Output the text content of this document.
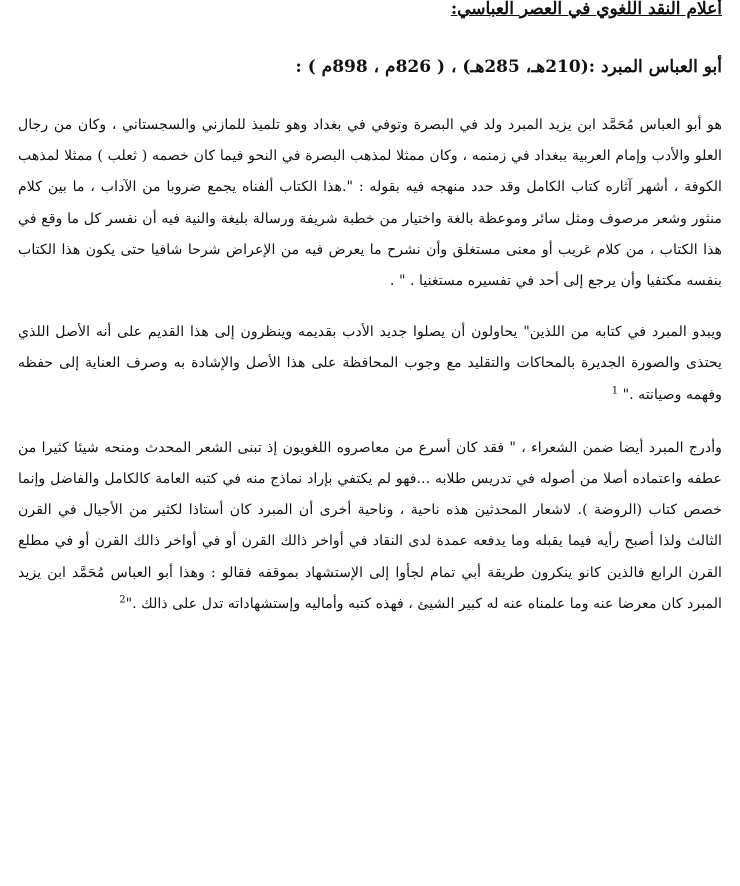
أعلام النقد اللغوي في العصر العباسي:
أبو العباس المبرد :(210هـ، 285هـ) ، ( 826م ، 898م ) :

هو أبو العباس مُحَمَّد ابن يزيد المبرد ولد في البصرة وتوفي في بغداد وهو تلميذ للمازني والسجستاني ، وكان من رجال العلو والأدب وإمام العربية ببغداد في زمنمه ، وكان ممثلا لمذهب البصرة في النحو فيما كان خصمه ( ثعلب ) ممثلا لمذهب الكوفة ، أشهر آثاره كتاب الكامل وقد حدد منهجه فيه بقوله : ".هذا الكتاب ألفناه يجمع ضروبا من الآداب ، ما بين كلام منثور وشعر مرصوف ومثل سائر وموعظة بالغة واختيار من خطبة شريفة ورسالة بليغة والنية فيه أن نفسر كل ما وقع في هذا الكتاب ، من كلام غريب أو معنى مستغلق وأن نشرح ما يعرض فيه من الإعراض شرحا شافيا حتى يكون هذا الكتاب بنفسه مكتفيا وأن يرجع إلى أحد في تفسيره مستغنيا . " .

ويبدو المبرد في كتابه من اللذين" يحاولون أن يصلوا جديد الأدب بقديمه وينظرون إلى هذا القديم على أنه الأصل اللذي يحتذى والصورة الجديرة بالمحاكات والتقليد مع وجوب المحافظة على هذا الأصل والإشادة به وصرف العناية إلى حفظه وفهمه وصيانته ." $^1$

وأدرج المبرد أيضا ضمن الشعراء ، " فقد كان أسرع من معاصروه اللغويون إذ تبنى الشعر المحدث ومنحه شيئا كثيرا من عطفه واعتماده أصلا من أصوله في تدريس طلابه ...فهو لم يكتفي بإراد نماذج منه في كتبه العامة كالكامل والفاضل وإنما خصص كتاب (الروضة ). لاشعار المحدثين هذه ناحية ، وناحية أخرى أن المبرد كان أستاذا لكثير من الأجيال في القرن الثالث ولذا أصبح رأيه فيما يقبله وما يدفعه عمدة لدى النقاد في أواخر ذالك القرن أو في أواخر ذالك القرن أو في مطلع القرن الرابع فالذين كانو ينكرون طريقة أبي تمام لجأوا إلى الإستشهاد بموقفه فقالو : وهذا أبو العباس مُحَمَّد ابن يزيد المبرد كان معرضا عنه وما علمناه عنه له كبير الشيئ ، فهذه كتبه وأماليه وإستشهاداته تدل على ذالك ."$^2$
